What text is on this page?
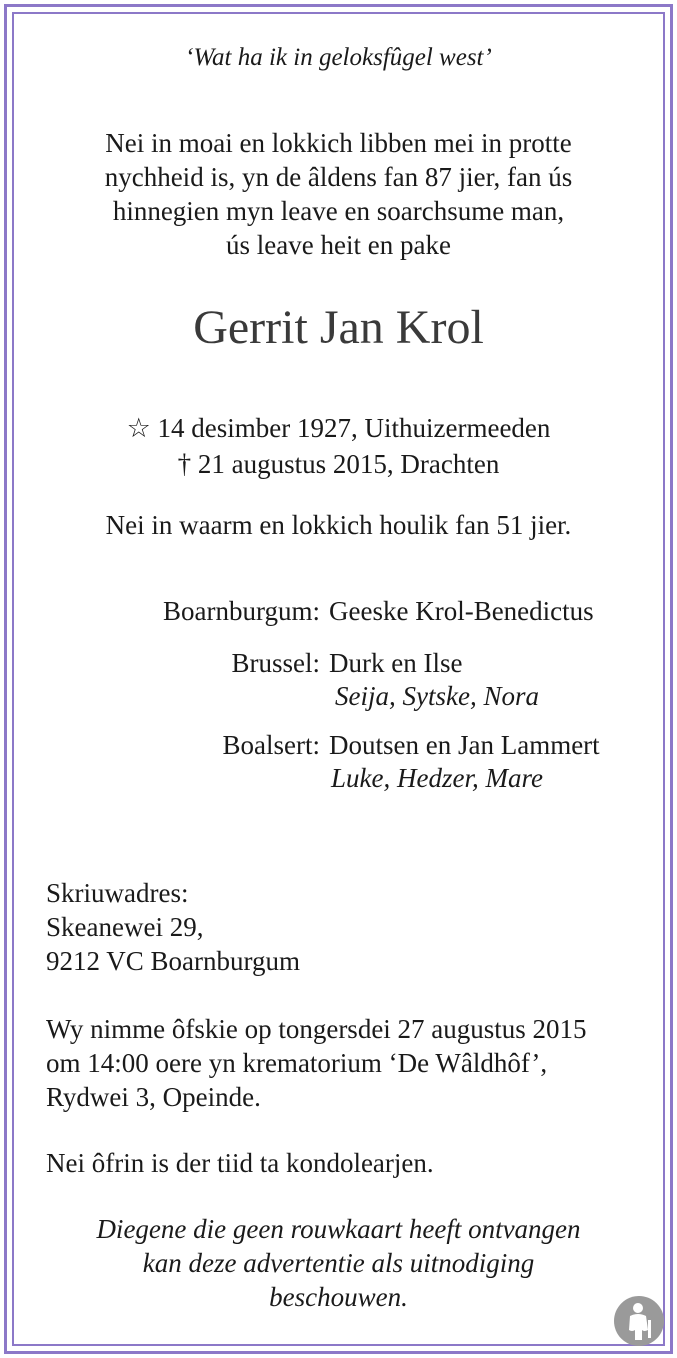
‘Wat ha ik in geloksfûgel west’
Nei in moai en lokkich libben mei in protte
nychheid is, yn de âldens fan 87 jier, fan ús
hinnegien myn leave en soarchsume man,
ús leave heit en pake
Gerrit Jan Krol
☆ 14 desimber 1927, Uithuizermeeden
† 21 augustus 2015, Drachten
Nei in waarm en lokkich houlik fan 51 jier.
Boarnburgum: Geeske Krol-Benedictus
Brussel: Durk en Ilse
Seija, Sytske, Nora
Boalsert: Doutsen en Jan Lammert
Luke, Hedzer, Mare
Skriuwadres:
Skeanewei 29,
9212 VC Boarnburgum
Wy nimme ôfskie op tongersdei 27 augustus 2015
om 14:00 oere yn krematorium ‘De Wâldhôf’,
Rydwei 3, Opeinde.
Nei ôfrin is der tiid ta kondolearjen.
Diegene die geen rouwkaart heeft ontvangen
kan deze advertentie als uitnodiging
beschouwen.
